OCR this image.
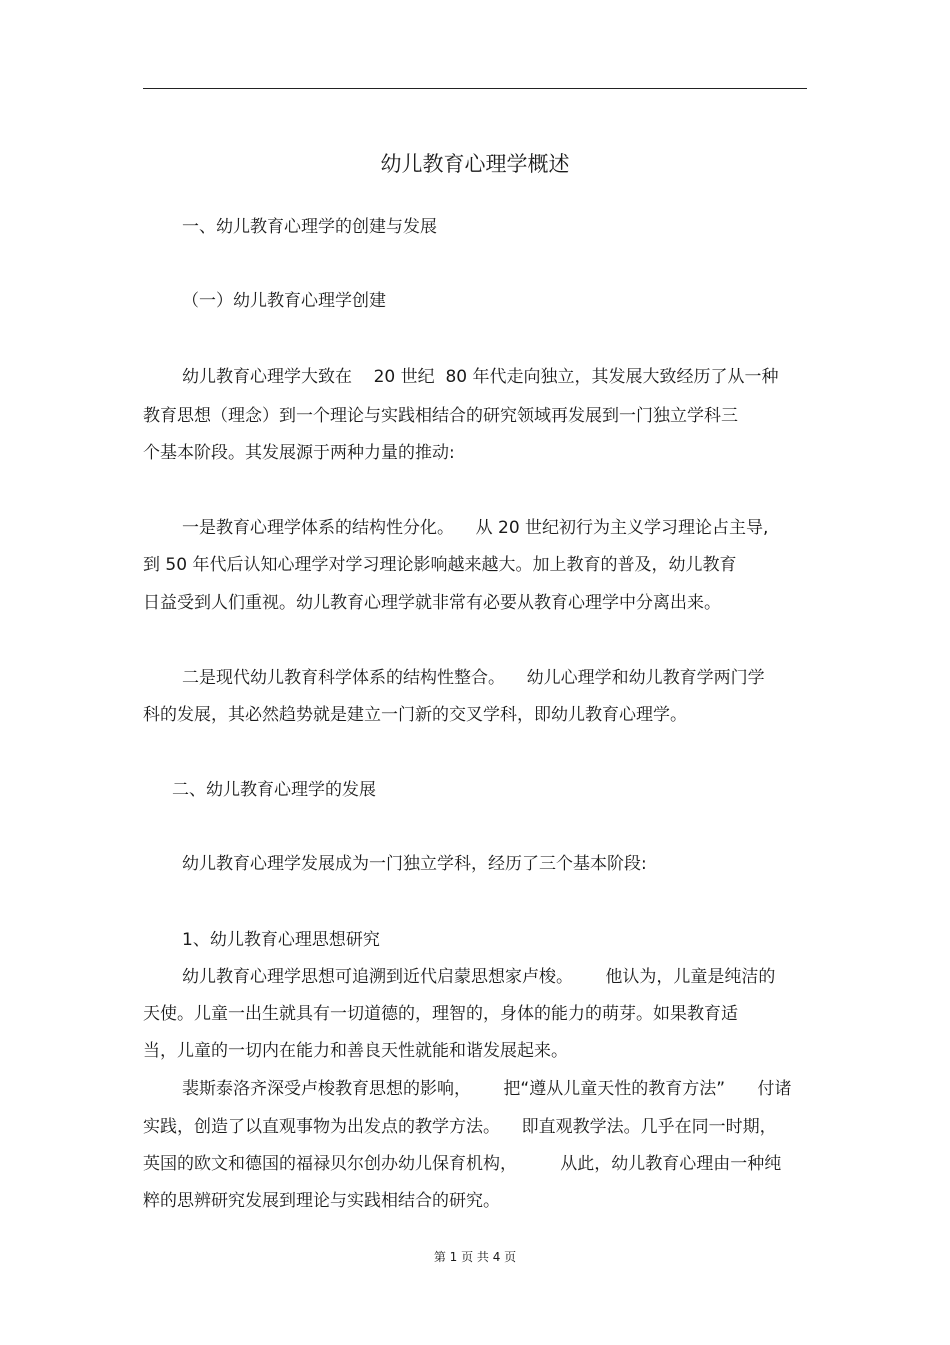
幼儿教育心理学概述
一、幼儿教育心理学的创建与发展
（一）幼儿教育心理学创建
幼儿教育心理学大致在    20 世纪  80 年代走向独立，其发展大致经历了从一种
教育思想（理念）到一个理论与实践相结合的研究领域再发展到一门独立学科三
个基本阶段。其发展源于两种力量的推动:
一是教育心理学体系的结构性分化。    从 20 世纪初行为主义学习理论占主导,
到 50 年代后认知心理学对学习理论影响越来越大。加上教育的普及，幼儿教育
日益受到人们重视。幼儿教育心理学就非常有必要从教育心理学中分离出来。
二是现代幼儿教育科学体系的结构性整合。    幼儿心理学和幼儿教育学两门学
科的发展，其必然趋势就是建立一门新的交叉学科，即幼儿教育心理学。
二、幼儿教育心理学的发展
幼儿教育心理学发展成为一门独立学科，经历了三个基本阶段:
1、幼儿教育心理思想研究
幼儿教育心理学思想可追溯到近代启蒙思想家卢梭。      他认为，儿童是纯洁的
天使。儿童一出生就具有一切道德的，理智的，身体的能力的萌芽。如果教育适
当，儿童的一切内在能力和善良天性就能和谐发展起来。
裴斯泰洛齐深受卢梭教育思想的影响，      把“遵从儿童天性的教育方法”      付诸
实践，创造了以直观事物为出发点的教学方法。    即直观教学法。几乎在同一时期，
英国的欧文和德国的福禄贝尔创办幼儿保育机构，        从此，幼儿教育心理由一种纯
粹的思辨研究发展到理论与实践相结合的研究。
第 1 页 共 4 页
